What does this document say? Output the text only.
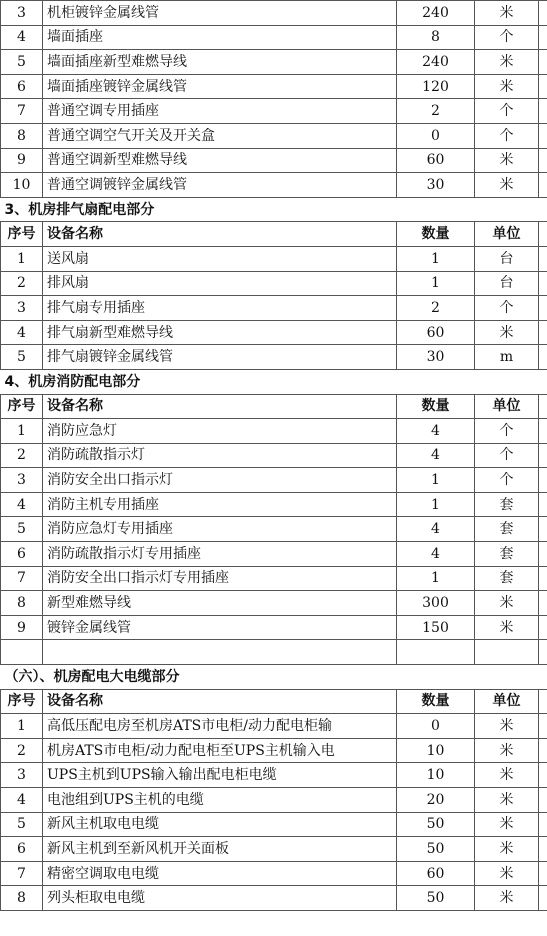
3	机柜镀锌金属线管	240	米	
4	墙面插座	8	个	
5	墙面插座新型难燃导线	240	米	
6	墙面插座镀锌金属线管	120	米	
7	普通空调专用插座	2	个	
8	普通空调空气开关及开关盒	0	个	
9	普通空调新型难燃导线	60	米	
10	普通空调镀锌金属线管	30	米	
3、机房排气扇配电部分				
序号	设备名称	数量	单位	
1	送风扇	1	台	
2	排风扇	1	台	
3	排气扇专用插座	2	个	
4	排气扇新型难燃导线	60	米	
5	排气扇镀锌金属线管	30	m	
4、机房消防配电部分				
序号	设备名称	数量	单位	
1	消防应急灯	4	个	
2	消防疏散指示灯	4	个	
3	消防安全出口指示灯	1	个	
4	消防主机专用插座	1	套	
5	消防应急灯专用插座	4	套	
6	消防疏散指示灯专用插座	4	套	
7	消防安全出口指示灯专用插座	1	套	
8	新型难燃导线	300	米	
9	镀锌金属线管	150	米	

（六）、机房配电大电缆部分				
序号	设备名称	数量	单位	
1	高低压配电房至机房ATS市电柜/动力配电柜输	0	米	
2	机房ATS市电柜/动力配电柜至UPS主机输入电	10	米	
3	UPS主机到UPS输入输出配电柜电缆	10	米	
4	电池组到UPS主机的电缆	20	米	
5	新风主机取电电缆	50	米	
6	新风主机到至新风机开关面板	50	米	
7	精密空调取电电缆	60	米	
8	列头柜取电电缆	50	米	
